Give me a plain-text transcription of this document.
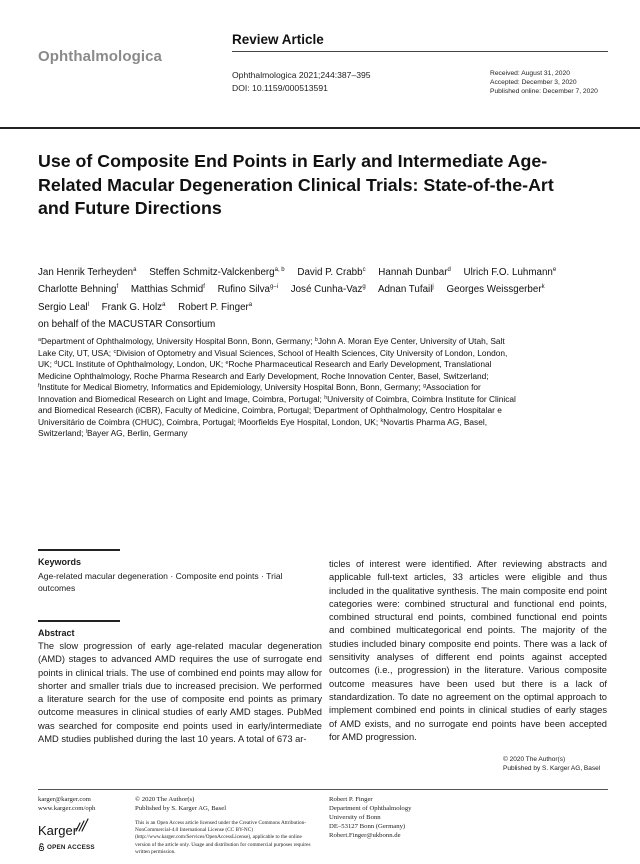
Ophthalmologica
Review Article
Ophthalmologica 2021;244:387–395
DOI: 10.1159/000513591
Received: August 31, 2020
Accepted: December 3, 2020
Published online: December 7, 2020
Use of Composite End Points in Early and Intermediate Age-Related Macular Degeneration Clinical Trials: State-of-the-Art and Future Directions
Jan Henrik Terheyden$^a$ Steffen Schmitz-Valckenberg$^{a, b}$ David P. Crabb$^c$ Hannah Dunbar$^d$ Ulrich F.O. Luhmann$^e$ Charlotte Behning$^f$ Matthias Schmid$^f$ Rufino Silva$^{g-i}$ José Cunha-Vaz$^g$ Adnan Tufail$^j$ Georges Weissgerber$^k$ Sergio Leal$^l$ Frank G. Holz$^a$ Robert P. Finger$^a$
on behalf of the MACUSTAR Consortium
$^a$Department of Ophthalmology, University Hospital Bonn, Bonn, Germany; $^b$John A. Moran Eye Center, University of Utah, Salt Lake City, UT, USA; $^c$Division of Optometry and Visual Sciences, School of Health Sciences, City University of London, London, UK; $^d$UCL Institute of Ophthalmology, London, UK; $^e$Roche Pharmaceutical Research and Early Development, Translational Medicine Ophthalmology, Roche Pharma Research and Early Development, Roche Innovation Center, Basel, Switzerland; $^f$Institute for Medical Biometry, Informatics and Epidemiology, University Hospital Bonn, Bonn, Germany; $^g$Association for Innovation and Biomedical Research on Light and Image, Coimbra, Portugal; $^h$University of Coimbra, Coimbra Institute for Clinical and Biomedical Research (iCBR), Faculty of Medicine, Coimbra, Portugal; $^i$Department of Ophthalmology, Centro Hospitalar e Universitário de Coimbra (CHUC), Coimbra, Portugal; $^j$Moorfields Eye Hospital, London, UK; $^k$Novartis Pharma AG, Basel, Switzerland; $^l$Bayer AG, Berlin, Germany
Keywords
Age-related macular degeneration · Composite end points · Trial outcomes
Abstract
The slow progression of early age-related macular degeneration (AMD) stages to advanced AMD requires the use of surrogate end points in clinical trials. The use of combined end points may allow for shorter and smaller trials due to increased precision. We performed a literature search for the use of composite end points as primary outcome measures in clinical studies of early AMD stages. PubMed was searched for composite end points used in early/intermediate AMD studies published during the last 10 years. A total of 673 ar-
ticles of interest were identified. After reviewing abstracts and applicable full-text articles, 33 articles were eligible and thus included in the qualitative synthesis. The main composite end point categories were: combined structural and functional end points, combined structural end points, combined functional end points and combined multicategorical end points. The majority of the studies included binary composite end points. There was a lack of sensitivity analyses of different end points against accepted outcomes (i.e., progression) in the literature. Various composite outcome measures have been used but there is a lack of standardization. To date no agreement on the optimal approach to implement combined end points in clinical studies of early stages of AMD exists, and no surrogate end points have been accepted for AMD progression.
© 2020 The Author(s)
Published by S. Karger AG, Basel
karger@karger.com
www.karger.com/oph
Karger
OPEN ACCESS
© 2020 The Author(s)
Published by S. Karger AG, Basel
This is an Open Access article licensed under the Creative Commons Attribution-NonCommercial-4.0 International License (CC BY-NC) (http://www.karger.com/Services/OpenAccessLicense), applicable to the online version of the article only. Usage and distribution for commercial purposes requires written permission.
Robert P. Finger
Department of Ophthalmology
University of Bonn
DE–53127 Bonn (Germany)
Robert.Finger@ukbonn.de
